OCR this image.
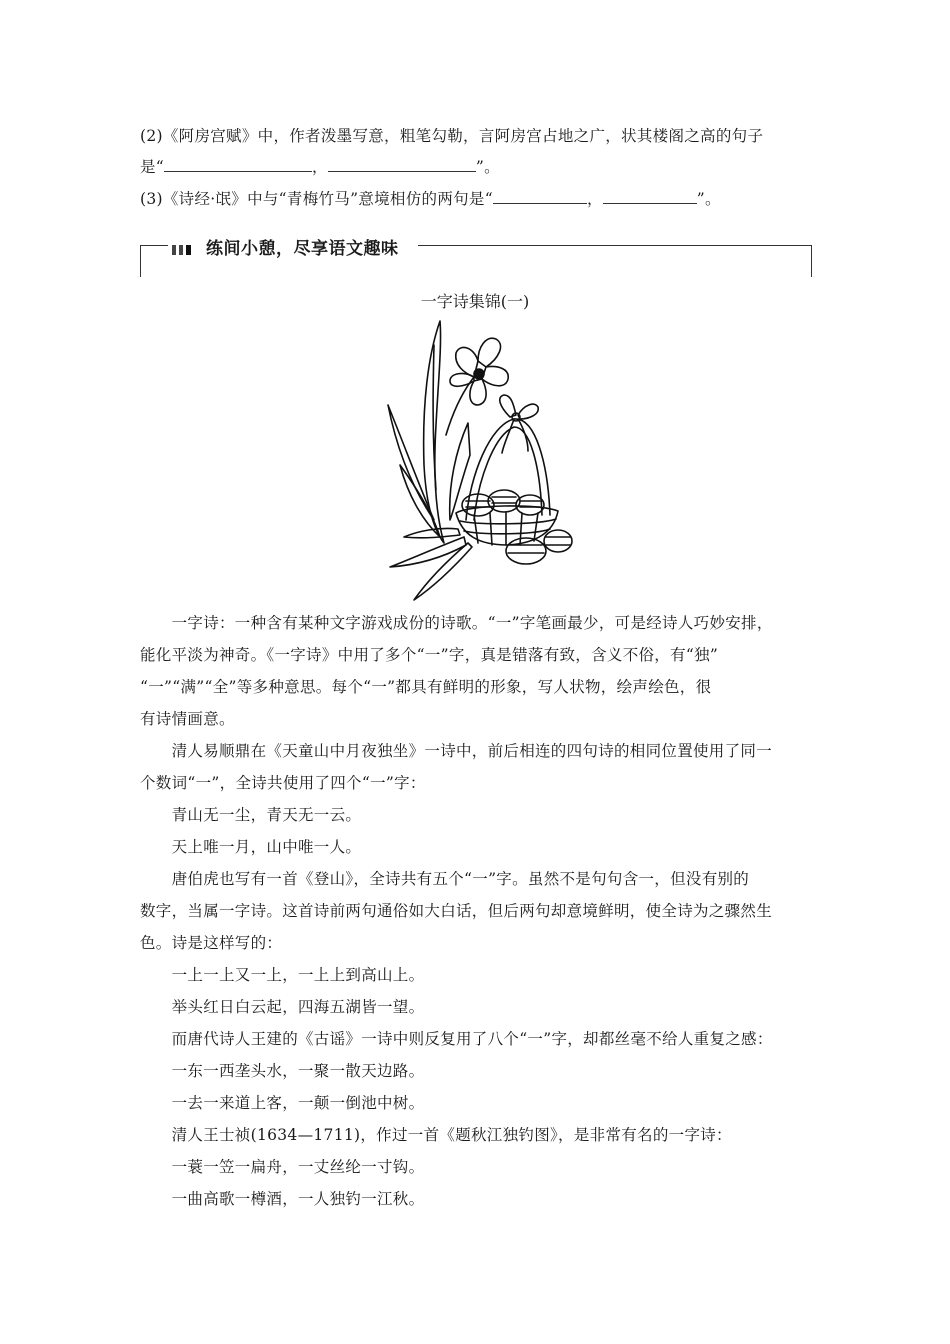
(2)《阿房宫赋》中，作者泼墨写意，粗笔勾勒，言阿房宫占地之广，状其楼阁之高的句子
是“	，	”。
(3)《诗经·氓》中与“青梅竹马”意境相仿的两句是“	，	”。
练间小憩，尽享语文趣味
一字诗集锦(一)
　　一字诗：一种含有某种文字游戏成份的诗歌。“一”字笔画最少，可是经诗人巧妙安排，
能化平淡为神奇。《一字诗》中用了多个“一”字，真是错落有致，含义不俗，有“独”
“一”“满”“全”等多种意思。每个“一”都具有鲜明的形象，写人状物，绘声绘色，很
有诗情画意。
　　清人易顺鼎在《天童山中月夜独坐》一诗中，前后相连的四句诗的相同位置使用了同一
个数词“一”，全诗共使用了四个“一”字：
　　青山无一尘，青天无一云。
　　天上唯一月，山中唯一人。
　　唐伯虎也写有一首《登山》，全诗共有五个“一”字。虽然不是句句含一，但没有别的
数字，当属一字诗。这首诗前两句通俗如大白话，但后两句却意境鲜明，使全诗为之骤然生
色。诗是这样写的：
　　一上一上又一上，一上上到高山上。
　　举头红日白云起，四海五湖皆一望。
　　而唐代诗人王建的《古谣》一诗中则反复用了八个“一”字，却都丝毫不给人重复之感：
　　一东一西垄头水，一聚一散天边路。
　　一去一来道上客，一颠一倒池中树。
　　清人王士祯(1634—1711)，作过一首《题秋江独钓图》，是非常有名的一字诗：
　　一蓑一笠一扁舟，一丈丝纶一寸钩。
　　一曲高歌一樽酒，一人独钓一江秋。
